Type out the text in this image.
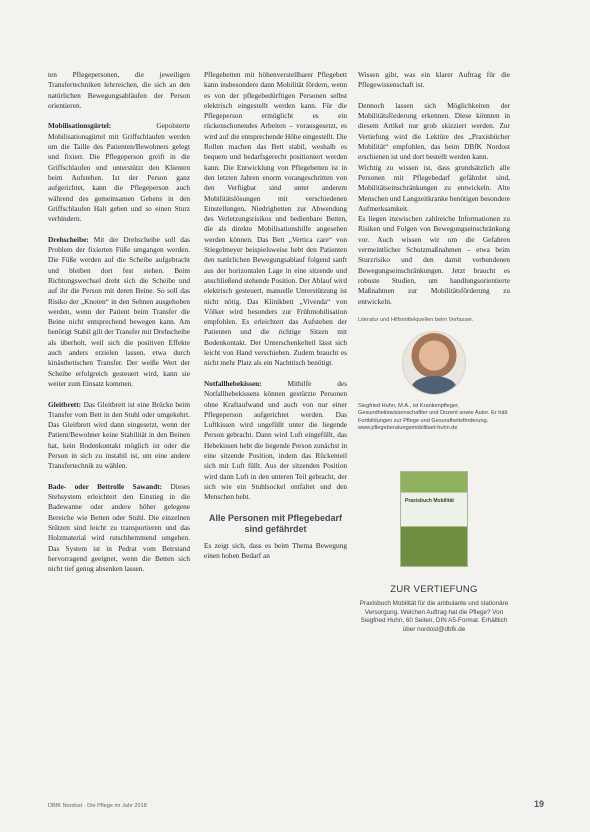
ten Pflegepersonen, die jeweiligen Transfertechniken lehrreichen, die sich an den natürlichen Bewegungsabläufen der Person orientieren.

Mobilisationsgürtel:	Gepolsterte Mobilisationsgürtel mit Griffschlaufen werden um die Taille des Patienten/Bewohners gelegt und fixiert. Die Pflegeperson greift in die Griffschlaufen und unterstützt den Klienten beim Aufstehen. Ist der Person ganz aufgerichtet, kann die Pflegeperson auch während des gemeinsamen Gehens in den Griffschlaufen Halt geben und so einen Sturz verhindern.

Drehscheibe: Mit der Drehscheibe soll das Problem der fixierten Füße umgangen werden. Die Füße werden auf die Scheibe aufgebracht und bleiben dort fest stehen. Beim Richtungswechsel dreht sich die Scheibe und auf ihr die Person mit deren Beine. So soll das Risiko der „Knoten“ in den Sehnen ausgehoben werden, wenn der Patient beim Transfer die Beine nicht entsprechend bewegen kann. Am benötigt Stabil gilt der Transfer mit Drehscheibe als überholt, weil sich die positiven Effekte auch anders erzielen lassen, etwa durch kinästhetischen Transfer. Der weiße Wert der Scheibe erfolgreich gesteuert wird, kann sie weiter zum Einsatz kommen.

Gleitbrett: Das Gleitbrett ist eine Brücke beim Transfer vom Bett in den Stuhl oder umgekehrt. Das Gleitbrett wird dann eingesetzt, wenn der Patient/Bewohner keine Stabilität in den Beinen hat, kein Bodenkontakt möglich ist oder die Person in sich zu instabil ist, um eine andere Transfertechnik zu wählen.

Bade- oder Bettrolle Sawandt: Dieses Stehsystem erleichtert den Einstieg in die Badewanne oder andere höher gelegene Bereiche wie Betten oder Stuhl. Die einzelnen Stützen sind leicht zu transportieren und das Holzmaterial wird rutschhemmend umgehen. Das System ist in Pedrat vom Betrstand hervorragend geeignet, wenn die Betten sich nicht tief genug absenken lassen.

Pflegebetten mit höhenverstellbarer Pflegebett kann insbesondere dann Mobilität fördern, wenn es von der pflegebedürftigen Personen selbst elektrisch eingestellt werden kann. Für die Pflegeperson ermöglicht es ein rückenschonendes Arbeiten – vorausgesetzt, es wird auf die entsprechende Höhe eingestellt. Die Rollen machen das Bett stabil, weshalb es bequem und bedarfsgerecht positioniert werden kann. Die Entwicklung von Pflegebetten ist in den letzten Jahren enorm vorangeschritten von den Verfügbar sind unter anderem Mobilitätslösungen mit verschiedenen Einstellungen, Niedrigbetten zur Abwendung des Verletzungsrisikos und bedienbare Betten, die als direkte Mobilisationshilfe angesehen werden können. Das Bett „Vertica care“ von Stiegelmeyer beispielsweise hebt den Patienten den natürlichen Bewegungsablauf folgend sanft aus der horizontalen Lage in eine sitzende und anschließend stehende Position. Der Ablauf wird elektrisch gesteuert, manuelle Unterstützung ist nicht nötig. Das Klinikbett „Vivenda“ von Völker wird besonders zur Frühmobilisation empfohlen. Es erleichtert das Aufstehen der Patienten und die richtige Sitzen mit Bodenkontakt. Der Unterschenkelteil lässt sich leicht von Hand verschieben. Zudem braucht es nicht mehr Platz als ein Nachttisch benötigt.

Notfallhebekissen:	Mithilfe des Notfallhebekissens können gestürzte Personen ohne Kraftaufwand und auch von nur einer Pflegeperson aufgerichtet werden. Das Luftkissen wird ungefüllt unter die liegende Person gebracht. Dann wird Luft eingefüllt, das Hebekissen hebt die liegende Person zunächst in eine sitzende Position, indem das Rückenteil sich mit Luft füllt. Aus der sitzenden Position wird dann Luft in den unteren Teil gebracht, der sich wie ein Stuhlsockel entfaltet und den Menschen hebt.

Alle Personen mit Pflegebedarf sind gefährdet

Es zeigt sich, dass es beim Thema Bewegung einen hohen Bedarf an

Wissen gibt, was ein klarer Auftrag für die Pflegewissenschaft ist.

Dennoch lassen sich Möglichkeiten der Mobilitätsförderung erkennen. Diese könnten in diesem Artikel nur grob skizziert werden. Zur Vertiefung wird die Lektüre des „Praxisbücher Mobilität“ empfohlen, das beim DBfK Nordost erschienen ist und dort bestellt werden kann.

Wichtig zu wissen ist, dass grundsätzlich alle Personen mit Pflegebedarf gefährdet sind, Mobilitätseinschränkungen zu entwickeln. Alte Menschen und Langzeitkranke benötigen besondere Aufmerksamkeit.

Es liegen inzwischen zahlreiche Informationen zu Risiken und Folgen von Bewegungseinschränkung vor. Auch wissen wir um die Gefahren vermeintlicher Schutzmaßnahmen – etwa beim Sturzrisiko und den damit verbundenen Bewegungseinschränkungen. Jetzt braucht es robuste Studien, um handlungsorientierte Maßnahmen zur Mobilitätsförderung zu entwickeln.

Literatur und Hilfsmittelquellen beim Verfasser.
Siegfried Huhn, M.A., ist Krankenpfleger, Gesundheitswissenschaftler und Dozent sowie Autor. Er hält Fortbildungen zur Pflege und Gesundheitsförderung. www.pflegeberatungsmobilitaet-huhn.de
Praxisbuch Mobilität
ZUR VERTIEFUNG
Praxisbuch Mobilität für die ambulante und stationäre Versorgung. Welchen Auftrag hat die Pflege? Von Siegfried Huhn, 60 Seiten, DIN A5-Format. Erhältlich über nordost@dbfk.de
DBfK Nordost · Die Pflege im Jahr 2018	19
